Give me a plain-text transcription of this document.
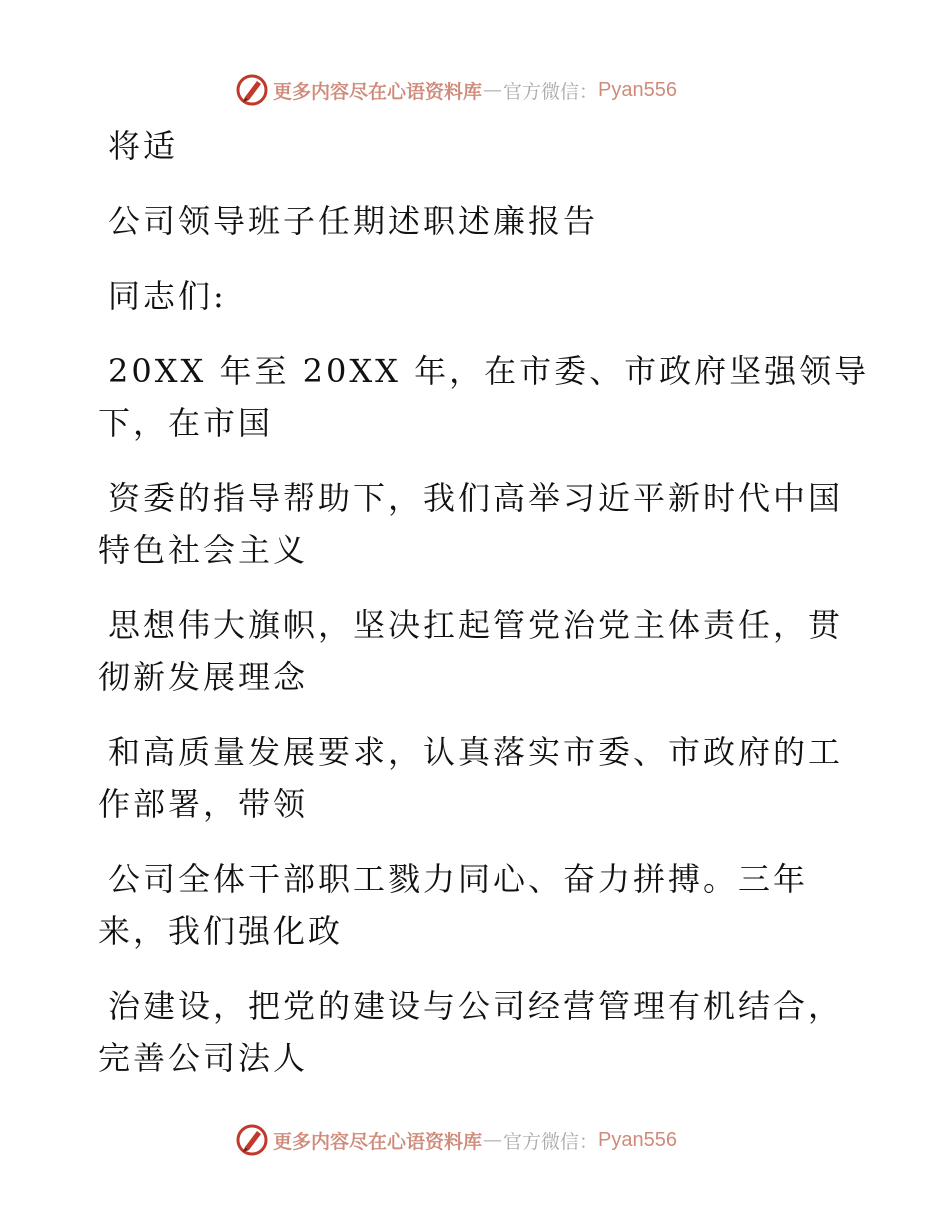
更多内容尽在心语资料库 — 官方微信： Pyan556
将适
公司领导班子任期述职述廉报告
同志们:
20XX 年至 20XX 年，在市委、市政府坚强领导
下，在市国
资委的指导帮助下，我们高举习近平新时代中国
特色社会主义
思想伟大旗帜，坚决扛起管党治党主体责任，贯
彻新发展理念
和高质量发展要求，认真落实市委、市政府的工
作部署，带领
公司全体干部职工戮力同心、奋力拼搏。三年
来，我们强化政
治建设，把党的建设与公司经营管理有机结合，
完善公司法人
更多内容尽在心语资料库 — 官方微信： Pyan556
